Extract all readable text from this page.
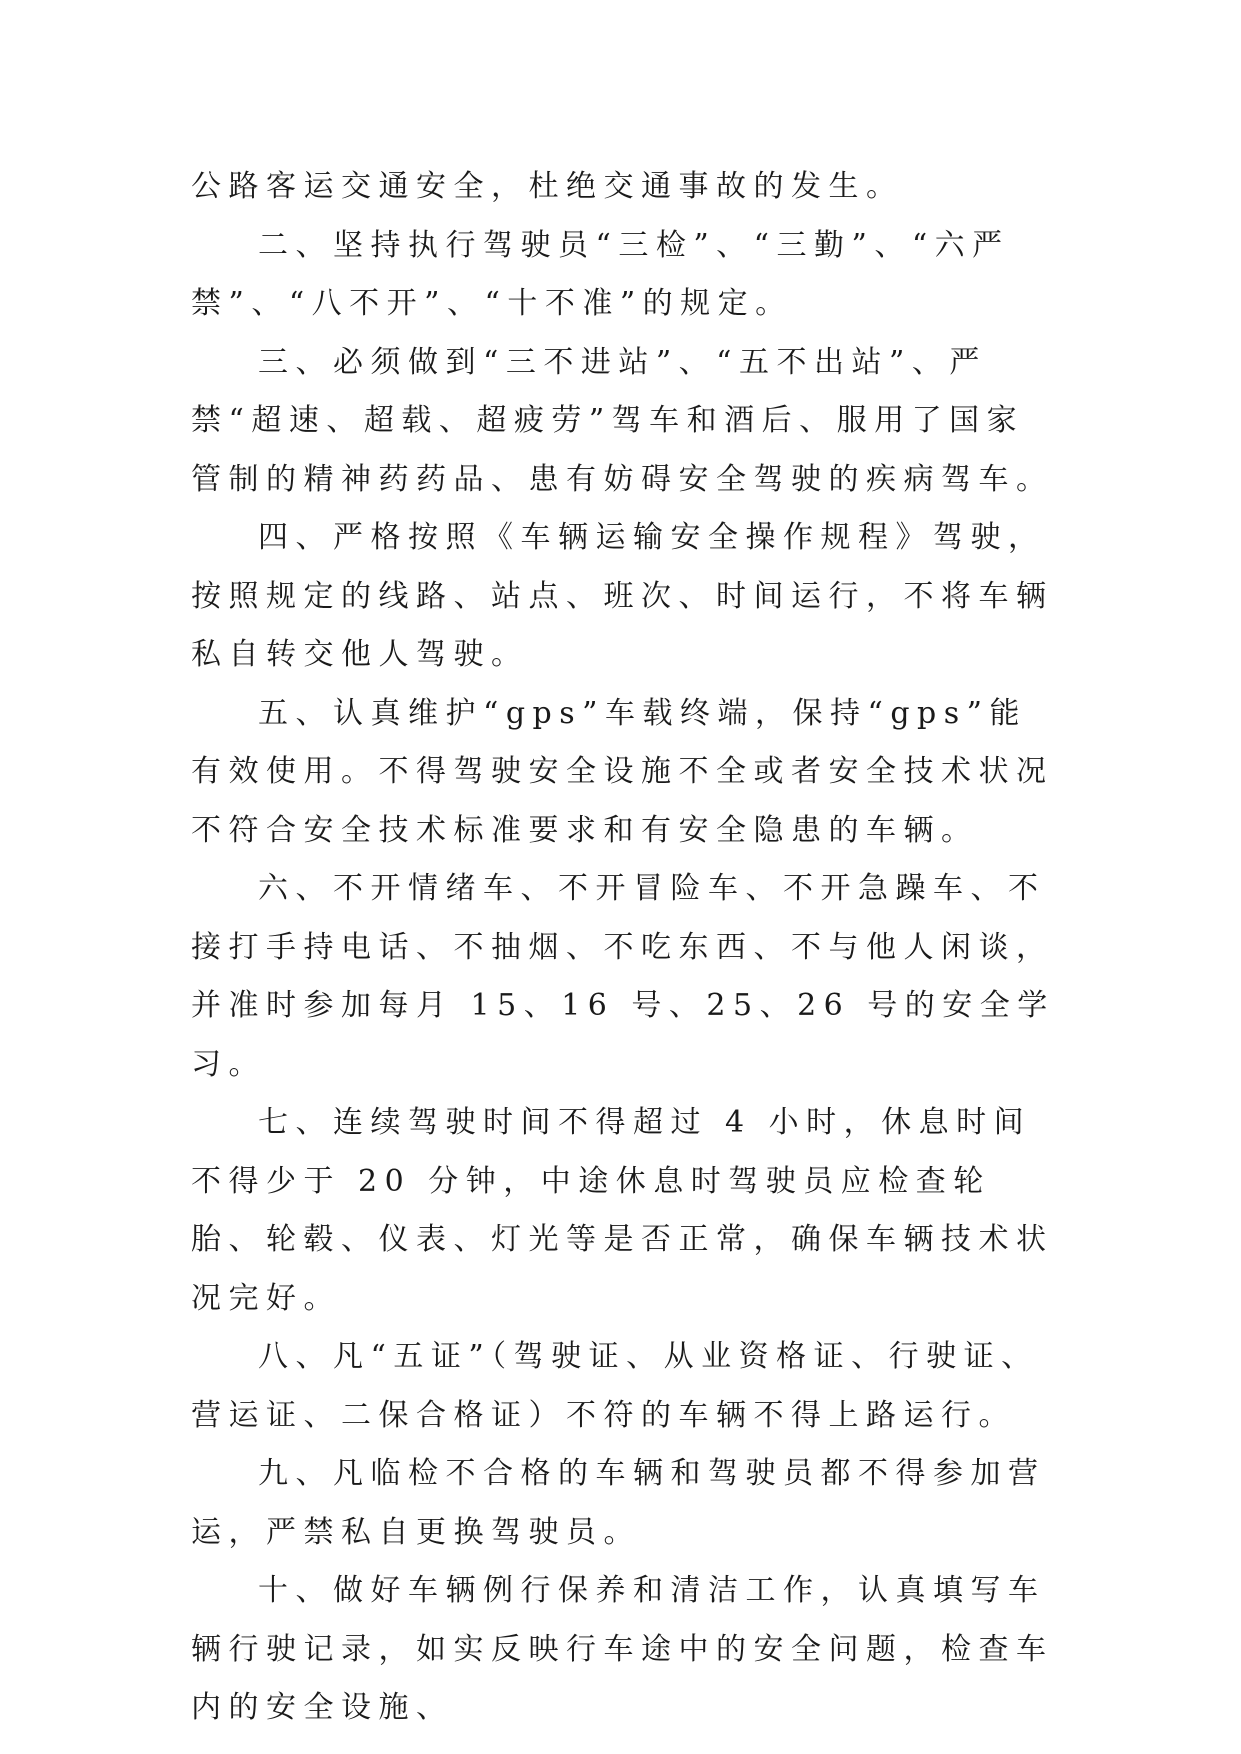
公路客运交通安全，杜绝交通事故的发生。

二、坚持执行驾驶员“三检”、“三勤”、“六严禁”、“八不开”、“十不准”的规定。

三、必须做到“三不进站”、“五不出站”、严禁“超速、超载、超疲劳”驾车和酒后、服用了国家管制的精神药药品、患有妨碍安全驾驶的疾病驾车。

四、严格按照《车辆运输安全操作规程》驾驶，按照规定的线路、站点、班次、时间运行，不将车辆私自转交他人驾驶。

五、认真维护“gps”车载终端，保持“gps”能有效使用。不得驾驶安全设施不全或者安全技术状况不符合安全技术标准要求和有安全隐患的车辆。

六、不开情绪车、不开冒险车、不开急躁车、不接打手持电话、不抽烟、不吃东西、不与他人闲谈，并准时参加每月 15、16 号、25、26 号的安全学习。

七、连续驾驶时间不得超过 4 小时，休息时间不得少于 20 分钟，中途休息时驾驶员应检查轮胎、轮毂、仪表、灯光等是否正常，确保车辆技术状况完好。

八、凡“五证”（驾驶证、从业资格证、行驶证、营运证、二保合格证）不符的车辆不得上路运行。

九、凡临检不合格的车辆和驾驶员都不得参加营运，严禁私自更换驾驶员。

十、做好车辆例行保养和清洁工作，认真填写车辆行驶记录，如实反映行车途中的安全问题，检查车内的安全设施、
